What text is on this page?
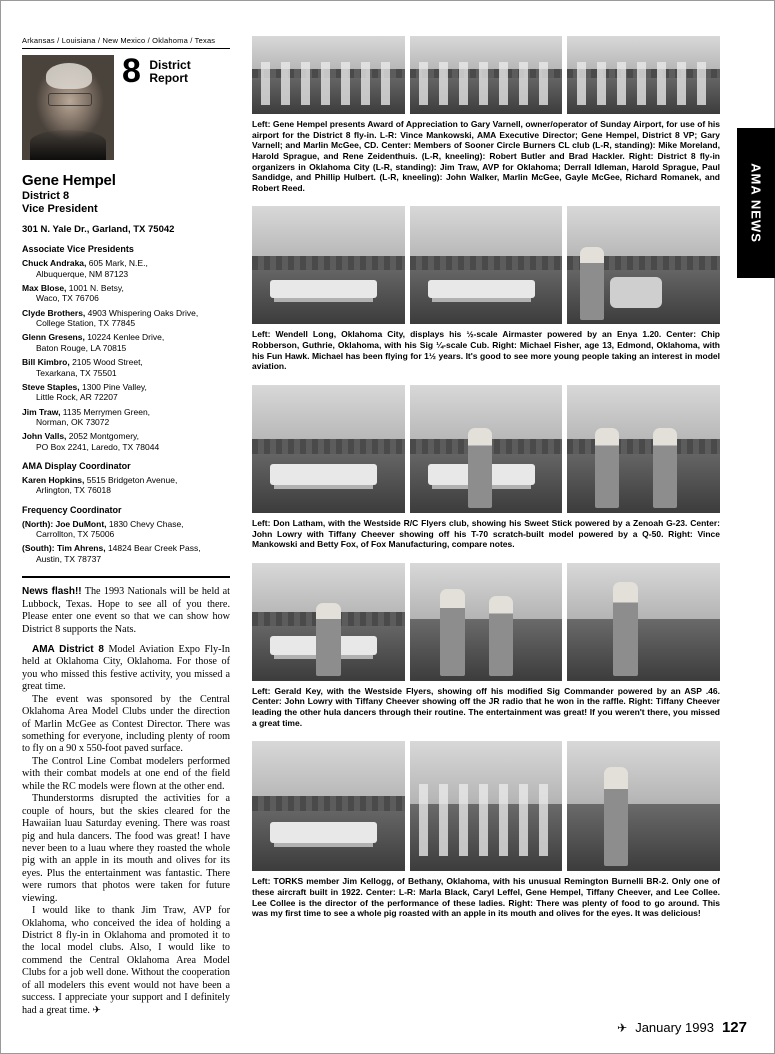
Arkansas / Louisiana / New Mexico / Oklahoma / Texas
8 District
Report
Gene Hempel
District 8
Vice President
301 N. Yale Dr., Garland, TX 75042
Associate Vice Presidents
Chuck Andraka, 605 Mark, N.E.,
Albuquerque, NM 87123
Max Blose, 1001 N. Betsy,
Waco, TX 76706
Clyde Brothers, 4903 Whispering Oaks Drive,
College Station, TX 77845
Glenn Gresens, 10224 Kenlee Drive,
Baton Rouge, LA 70815
Bill Kimbro, 2105 Wood Street,
Texarkana, TX 75501
Steve Staples, 1300 Pine Valley,
Little Rock, AR 72207
Jim Traw, 1135 Merrymen Green,
Norman, OK 73072
John Valls, 2052 Montgomery,
PO Box 2241, Laredo, TX 78044
AMA Display Coordinator
Karen Hopkins, 5515 Bridgeton Avenue,
Arlington, TX 76018
Frequency Coordinator
(North): Joe DuMont, 1830 Chevy Chase,
Carrollton, TX 75006
(South): Tim Ahrens, 14824 Bear Creek Pass,
Austin, TX 78737

News flash!! The 1993 Nationals will be held at Lubbock, Texas. Hope to see all of you there. Please enter one event so that we can show how District 8 supports the Nats.

AMA District 8 Model Aviation Expo Fly-In held at Oklahoma City, Oklahoma. For those of you who missed this festive activity, you missed a great time.

The event was sponsored by the Central Oklahoma Area Model Clubs under the direction of Marlin McGee as Contest Director. There was something for everyone, including plenty of room to fly on a 90 x 550-foot paved surface.

The Control Line Combat modelers performed with their combat models at one end of the field while the RC models were flown at the other end.

Thunderstorms disrupted the activities for a couple of hours, but the skies cleared for the Hawaiian luau Saturday evening. There was roast pig and hula dancers. The food was great! I have never been to a luau where they roasted the whole pig with an apple in its mouth and olives for its eyes. Plus the entertainment was fantastic. There were rumors that photos were taken for future viewing.

I would like to thank Jim Traw, AVP for Oklahoma, who conceived the idea of holding a District 8 fly-in in Oklahoma and promoted it to the local model clubs. Also, I would like to commend the Central Oklahoma Area Model Clubs for a job well done. Without the cooperation of all modelers this event would not have been a success. I appreciate your support and I definitely had a great time. ✈

Left: Gene Hempel presents Award of Appreciation to Gary Varnell, owner/operator of Sunday Airport, for use of his airport for the District 8 fly-in. L-R: Vince Mankowski, AMA Executive Director; Gene Hempel, District 8 VP; Gary Varnell; and Marlin McGee, CD. Center: Members of Sooner Circle Burners CL club (L-R, standing): Mike Moreland, Harold Sprague, and Rene Zeidenthuis. (L-R, kneeling): Robert Butler and Brad Hackler. Right: District 8 fly-in organizers in Oklahoma City (L-R, standing): Jim Traw, AVP for Oklahoma; Derrall Idleman, Harold Sprague, Paul Sandidge, and Phillip Hulbert. (L-R, kneeling): John Walker, Marlin McGee, Gayle McGee, Richard Romanek, and Robert Reed.
Left: Wendell Long, Oklahoma City, displays his ½-scale Airmaster powered by an Enya 1.20. Center: Chip Robberson, Guthrie, Oklahoma, with his Sig ¼-scale Cub. Right: Michael Fisher, age 13, Edmond, Oklahoma, with his Fun Hawk. Michael has been flying for 1½ years. It's good to see more young people taking an interest in model aviation.
Left: Don Latham, with the Westside R/C Flyers club, showing his Sweet Stick powered by a Zenoah G-23. Center: John Lowry with Tiffany Cheever showing off his T-70 scratch-built model powered by a Q-50. Right: Vince Mankowski and Betty Fox, of Fox Manufacturing, compare notes.
Left: Gerald Key, with the Westside Flyers, showing off his modified Sig Commander powered by an ASP .46. Center: John Lowry with Tiffany Cheever showing off the JR radio that he won in the raffle. Right: Tiffany Cheever leading the other hula dancers through their routine. The entertainment was great! If you weren't there, you missed a great time.
Left: TORKS member Jim Kellogg, of Bethany, Oklahoma, with his unusual Remington Burnelli BR-2. Only one of these aircraft built in 1922. Center: L-R: Marla Black, Caryl Leffel, Gene Hempel, Tiffany Cheever, and Lee Collee. Lee Collee is the director of the performance of these ladies. Right: There was plenty of food to go around. This was my first time to see a whole pig roasted with an apple in its mouth and olives for the eyes. It was delicious!
AMA NEWS
✈ January 1993 127
